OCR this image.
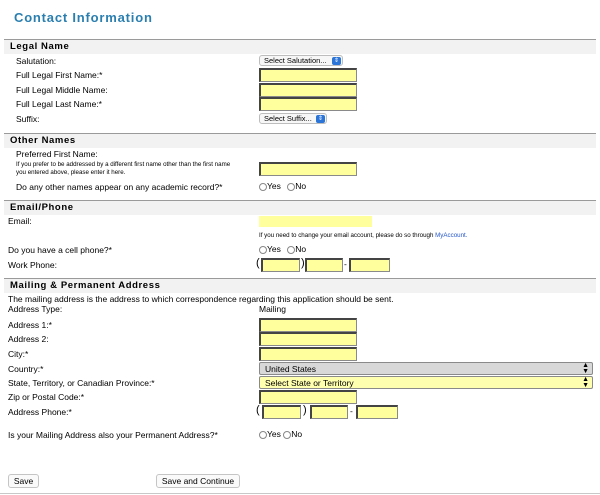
Contact Information
Legal Name
Salutation:	Select Salutation...	⇕
Full Legal First Name:*
Full Legal Middle Name:
Full Legal Last Name:*
Suffix:	Select Suffix...	⇕
Other Names
Preferred First Name:
If you prefer to be addressed by a different first name other than the first name
you entered above, please enter it here.
Do any other names appear on any academic record?*	Yes No
Email/Phone
Email:
If you need to change your email account, please do so through MyAccount.
Do you have a cell phone?*	Yes No
Work Phone:	(	)	-
Mailing & Permanent Address
The mailing address is the address to which correspondence regarding this application should be sent.
Address Type:	Mailing
Address 1:*
Address 2:
City:*
Country:*	United States	▲
▼
State, Territory, or Canadian Province:*	Select State or Territory	▲
▼
Zip or Postal Code:*
Address Phone:*	(	)	-
Is your Mailing Address also your Permanent Address?*	Yes No
Save	Save and Continue
